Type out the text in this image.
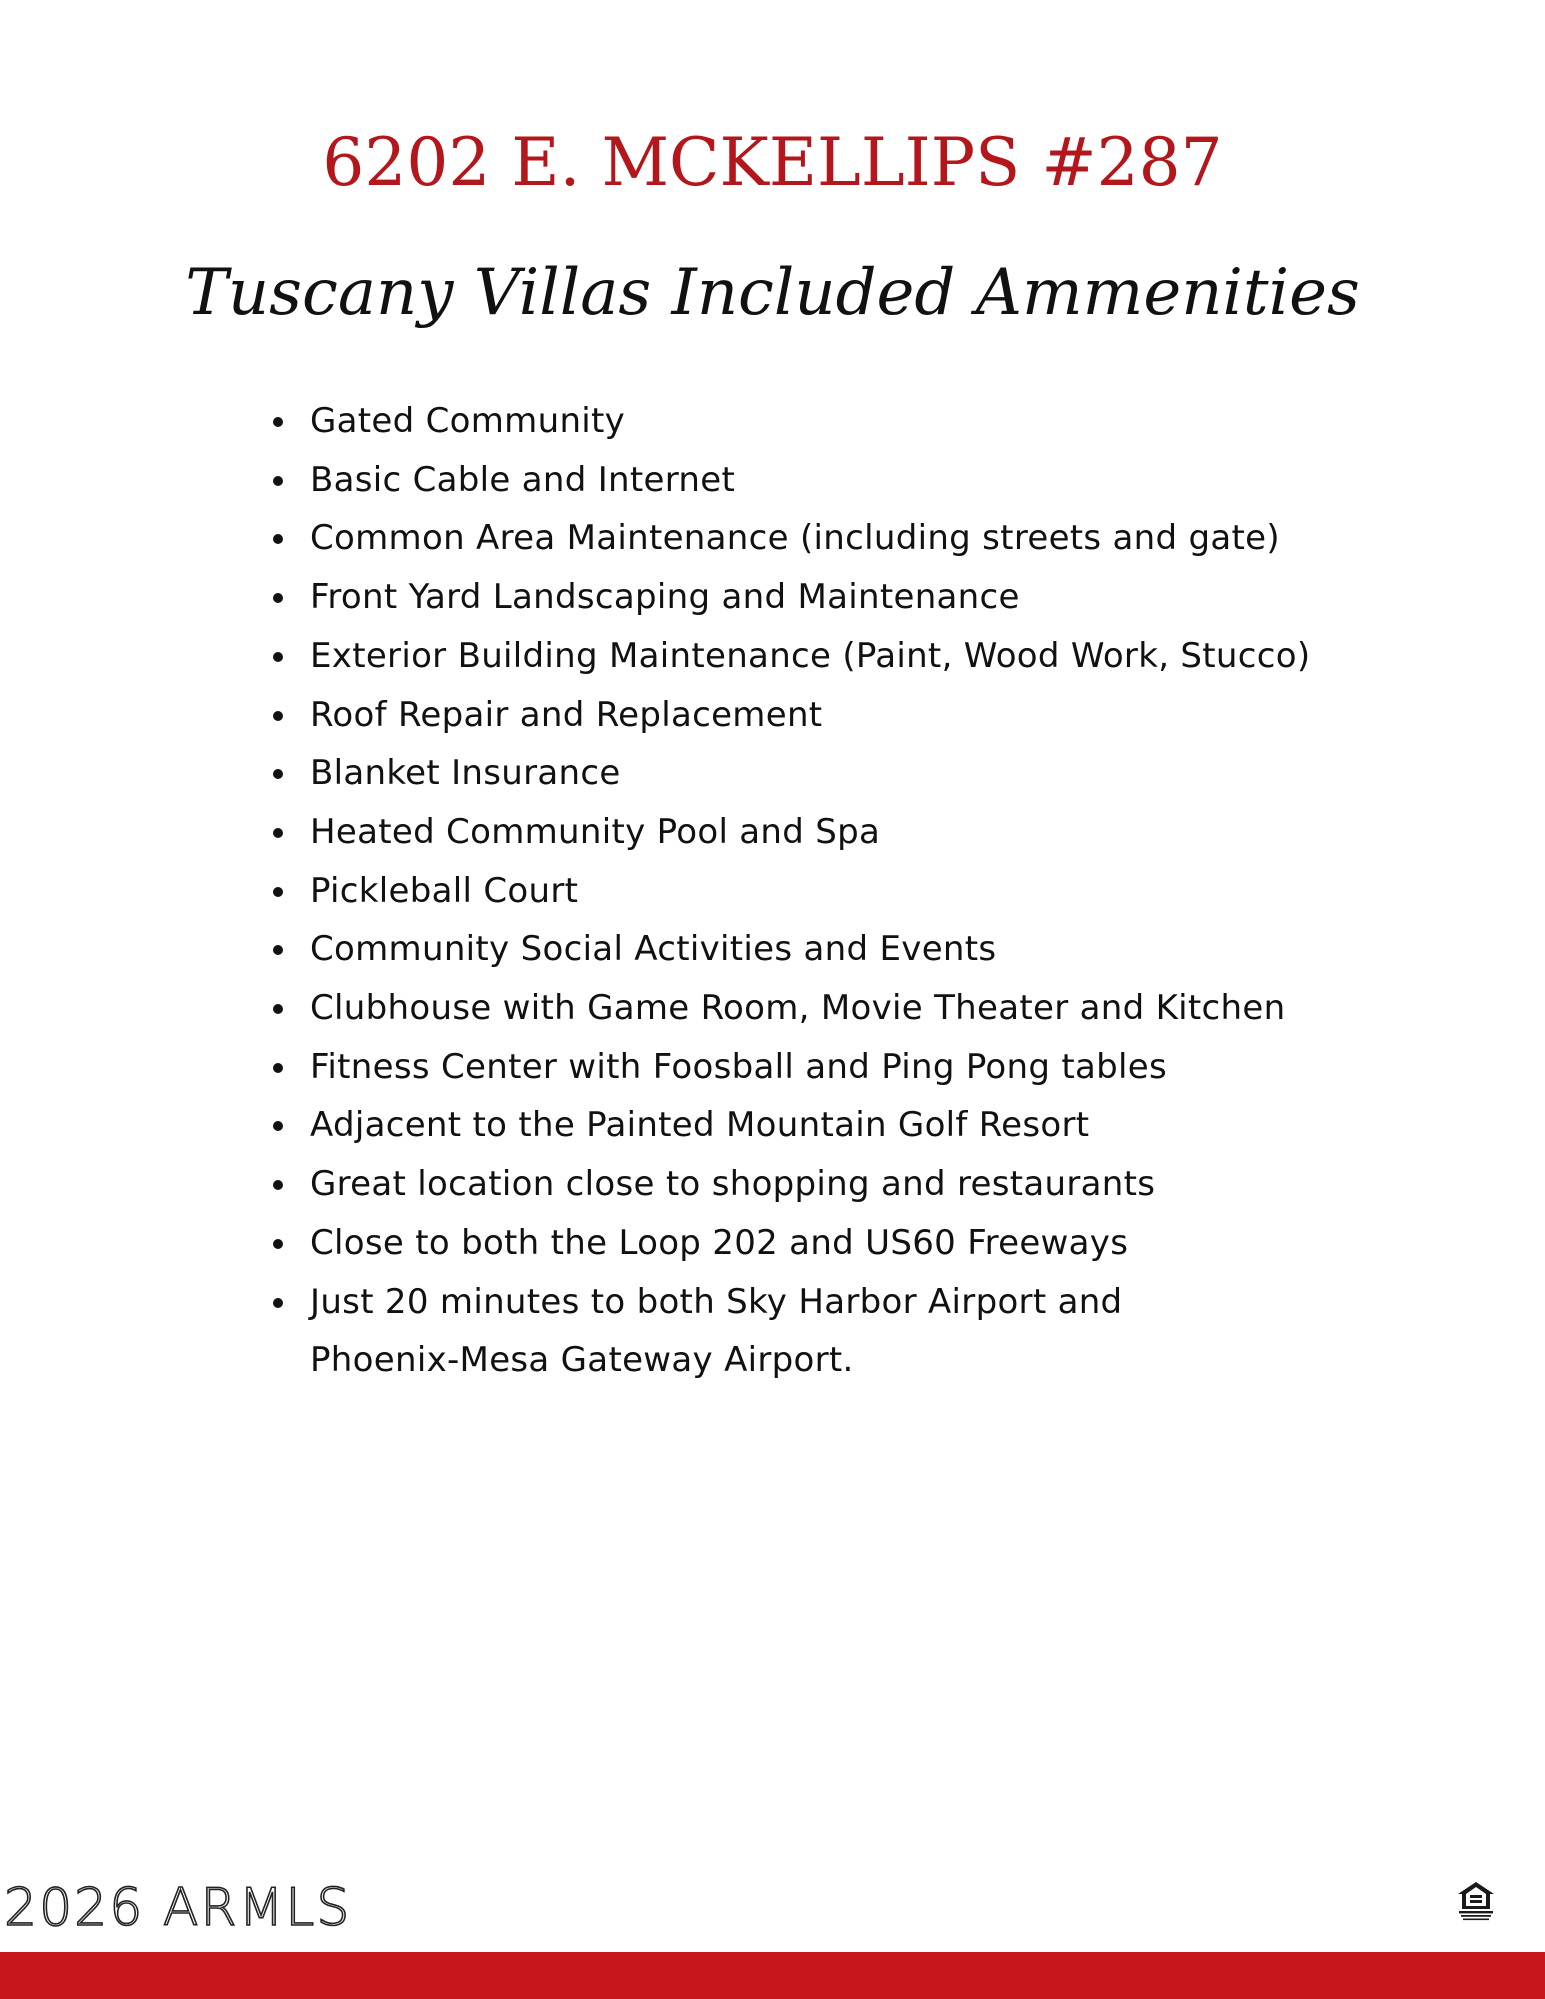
6202 E. MCKELLIPS #287
Tuscany Villas Included Ammenities
Gated Community
Basic Cable and Internet
Common Area Maintenance (including streets and gate)
Front Yard Landscaping and Maintenance
Exterior Building Maintenance (Paint, Wood Work, Stucco)
Roof Repair and Replacement
Blanket Insurance
Heated Community Pool and Spa
Pickleball Court
Community Social Activities and Events
Clubhouse with Game Room, Movie Theater and Kitchen
Fitness Center with Foosball and Ping Pong tables
Adjacent to the Painted Mountain Golf Resort
Great location close to shopping and restaurants
Close to both the Loop 202 and US60 Freeways
Just 20 minutes to both Sky Harbor Airport and
Phoenix-Mesa Gateway Airport.
2026 ARMLS
